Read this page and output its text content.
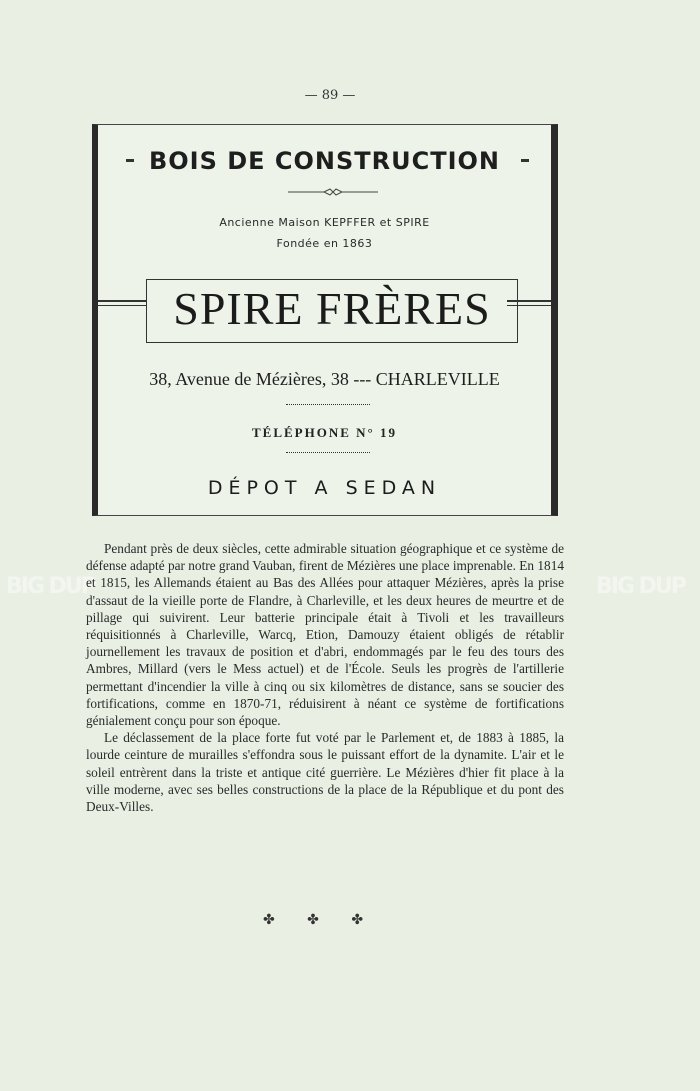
— 89 —
BOIS DE CONSTRUCTION
Ancienne Maison KEPFFER et SPIRE
Fondée en 1863
SPIRE FRÈRES
38, Avenue de Mézières, 38 --- CHARLEVILLE
TÉLÉPHONE N° 19
DÉPOT A SEDAN
BIG DUP	BIG DUP

Pendant près de deux siècles, cette admirable situation géographique et ce système de défense adapté par notre grand Vauban, firent de Mézières une place imprenable. En 1814 et 1815, les Allemands étaient au Bas des Allées pour attaquer Mézières, après la prise d'assaut de la vieille porte de Flandre, à Charleville, et les deux heures de meurtre et de pillage qui suivirent. Leur batterie principale était à Tivoli et les travailleurs réquisitionnés à Charleville, Warcq, Etion, Damouzy étaient obligés de rétablir journellement les travaux de position et d'abri, endommagés par le feu des tours des Ambres, Millard (vers le Mess actuel) et de l'École. Seuls les progrès de l'artillerie permettant d'incendier la ville à cinq ou six kilomètres de distance, sans se soucier des fortifications, comme en 1870-71, réduisirent à néant ce système de fortifications génialement conçu pour son époque.

Le déclassement de la place forte fut voté par le Parlement et, de 1883 à 1885, la lourde ceinture de murailles s'effondra sous le puissant effort de la dynamite. L'air et le soleil entrèrent dans la triste et antique cité guerrière. Le Mézières d'hier fit place à la ville moderne, avec ses belles constructions de la place de la République et du pont des Deux-Villes.

✤ ✤ ✤
